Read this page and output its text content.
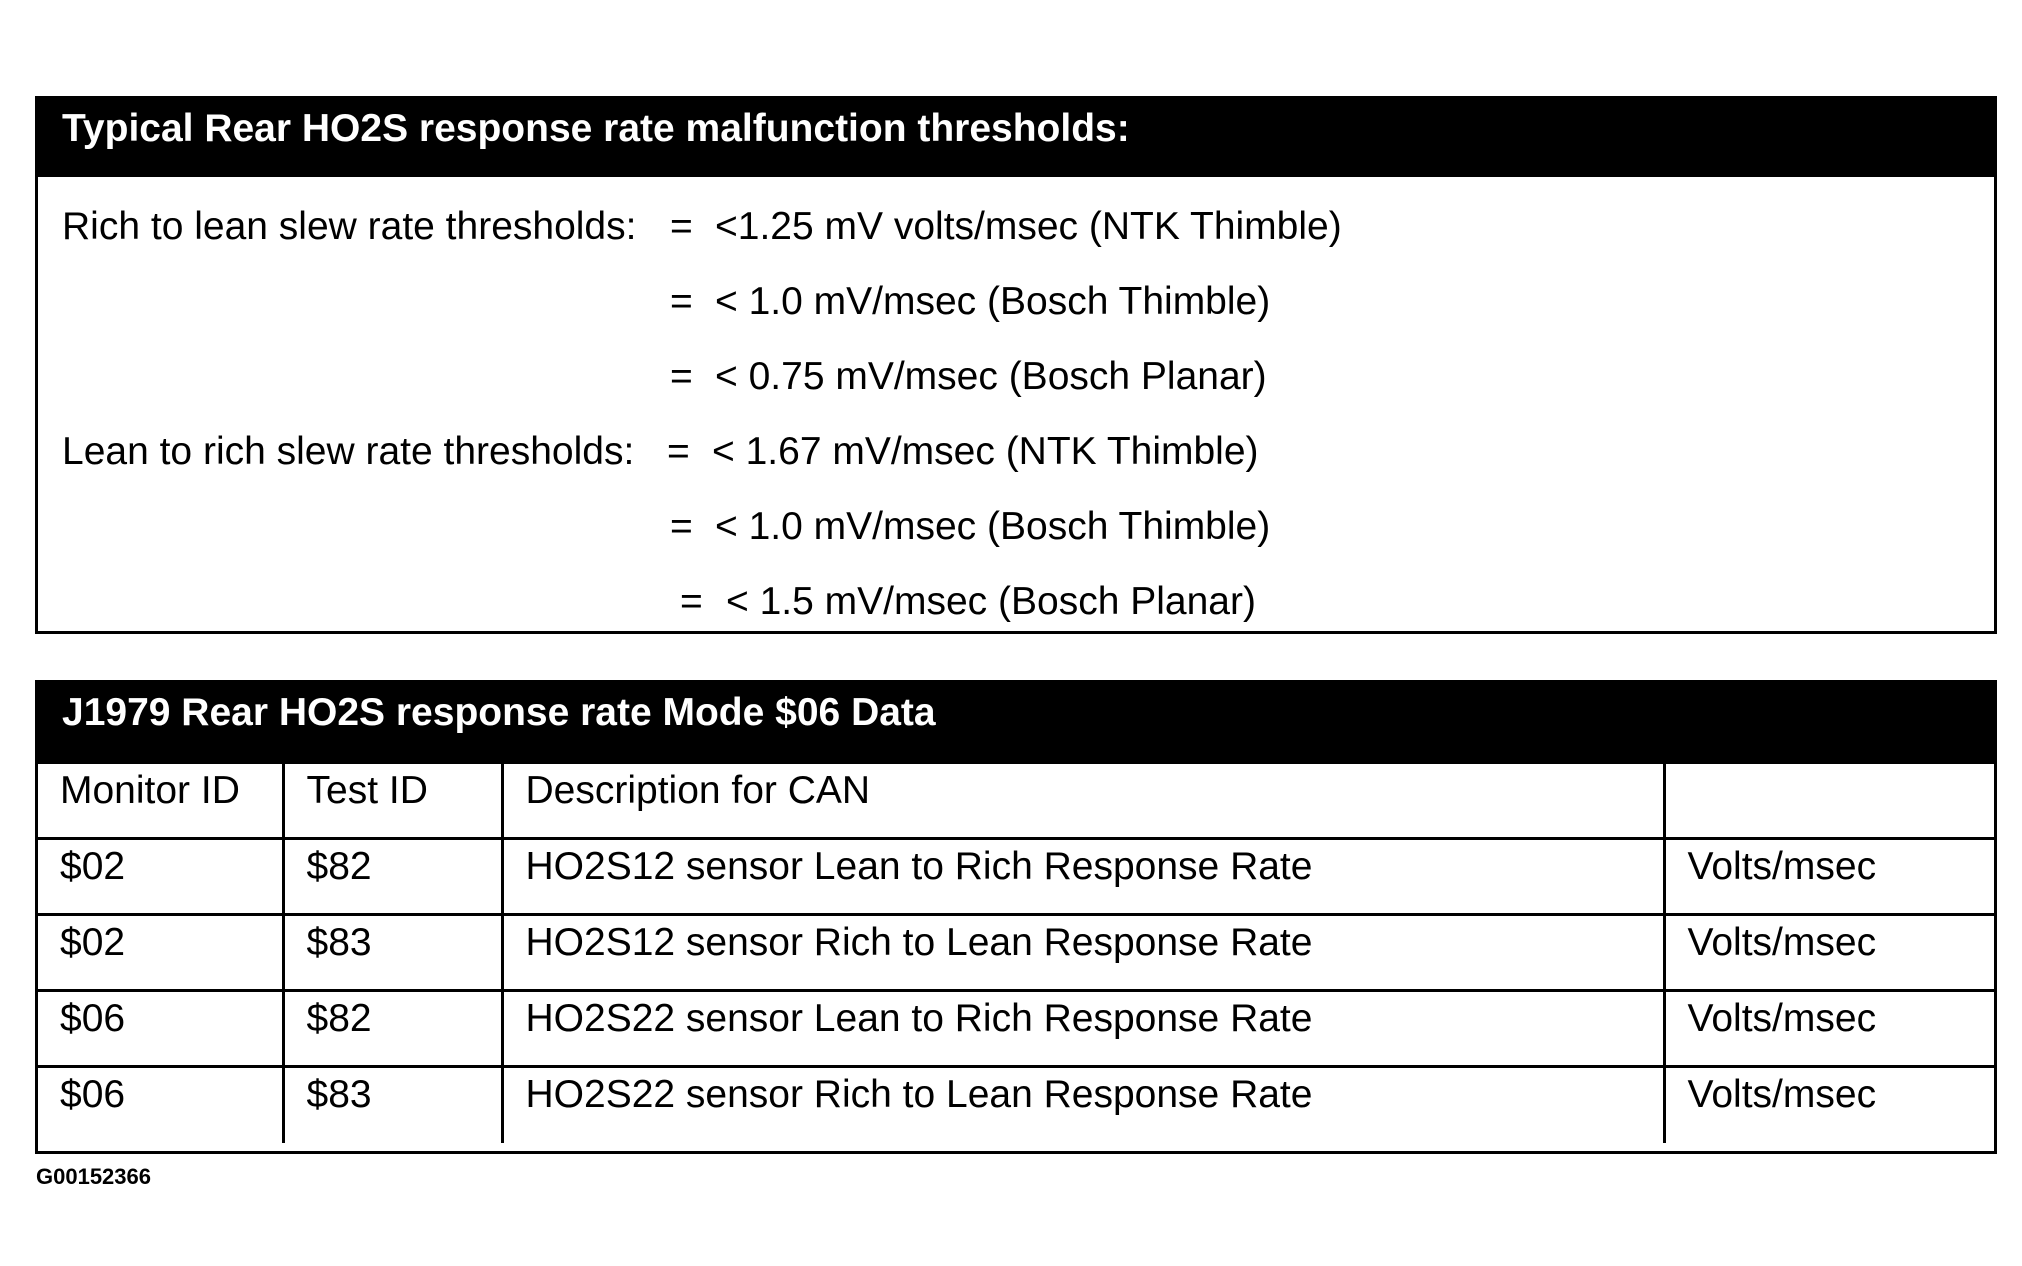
Typical Rear HO2S response rate malfunction thresholds:
Rich to lean slew rate thresholds: = <1.25 mV volts/msec (NTK Thimble)
= < 1.0 mV/msec (Bosch Thimble)
= < 0.75 mV/msec (Bosch Planar)
Lean to rich slew rate thresholds: = < 1.67 mV/msec (NTK Thimble)
= < 1.0 mV/msec (Bosch Thimble)
= < 1.5 mV/msec (Bosch Planar)
J1979 Rear HO2S response rate Mode $06 Data
Monitor ID	Test ID	Description for CAN	
$02	$82	HO2S12 sensor Lean to Rich Response Rate	Volts/msec
$02	$83	HO2S12 sensor Rich to Lean Response Rate	Volts/msec
$06	$82	HO2S22 sensor Lean to Rich Response Rate	Volts/msec
$06	$83	HO2S22 sensor Rich to Lean Response Rate	Volts/msec
G00152366
